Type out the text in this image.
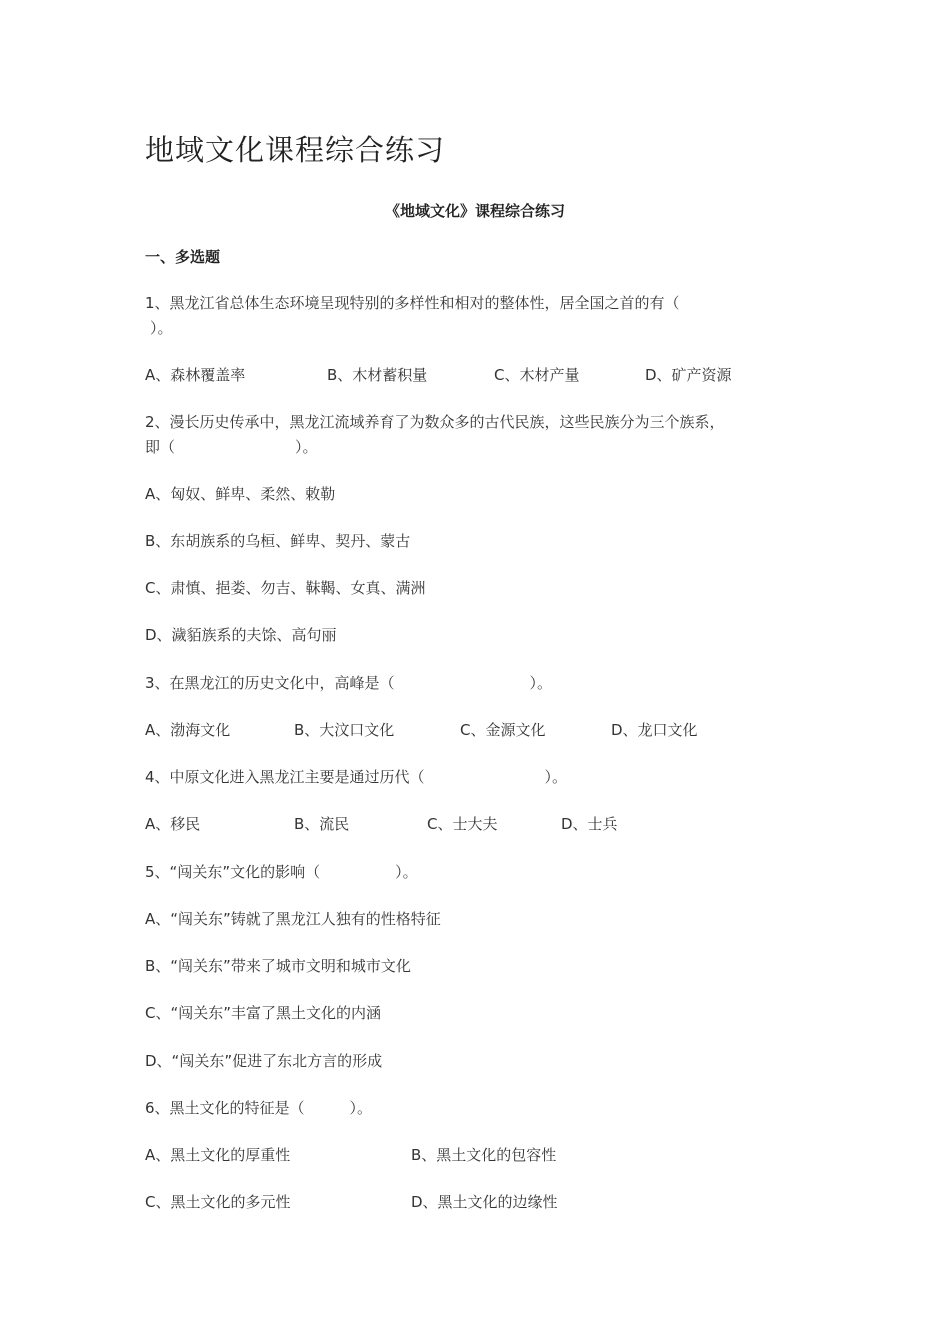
地域文化课程综合练习
《地域文化》课程综合练习
一、多选题
1、黑龙江省总体生态环境呈现特别的多样性和相对的整体性，居全国之首的有（
）。
A、森林覆盖率	B、木材蓄积量	C、木材产量	D、矿产资源
2、漫长历史传承中，黑龙江流域养育了为数众多的古代民族，这些民族分为三个族系，
即（　　　　　　　　）。
A、匈奴、鲜卑、柔然、敕勒
B、东胡族系的乌桓、鲜卑、契丹、蒙古
C、肃慎、挹娄、勿吉、靺鞨、女真、满洲
D、濊貊族系的夫馀、高句丽
3、在黑龙江的历史文化中，高峰是（　　　　　　　　　）。
A、渤海文化	B、大汶口文化	C、金源文化	D、龙口文化
4、中原文化进入黑龙江主要是通过历代（　　　　　　　　）。
A、移民	B、流民	C、士大夫	D、士兵
5、“闯关东”文化的影响（　　　　　）。
A、“闯关东”铸就了黑龙江人独有的性格特征
B、“闯关东”带来了城市文明和城市文化
C、“闯关东”丰富了黑土文化的内涵
D、“闯关东”促进了东北方言的形成
6、黑土文化的特征是（　　　）。
A、黑土文化的厚重性	B、黑土文化的包容性
C、黑土文化的多元性	D、黑土文化的边缘性
